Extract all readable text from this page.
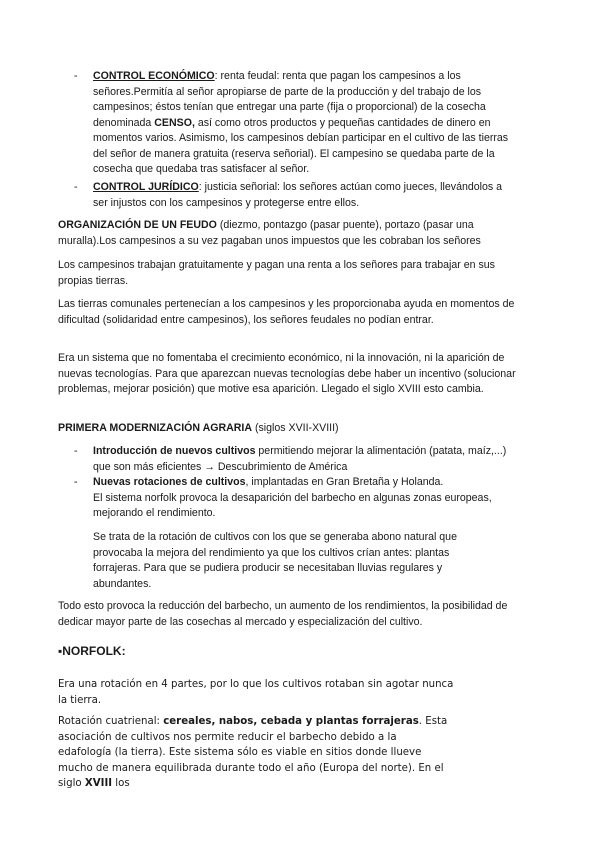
- CONTROL ECONÓMICO: renta feudal: renta que pagan los campesinos a los señores.Permitía al señor apropiarse de parte de la producción y del trabajo de los campesinos; éstos tenían que entregar una parte (fija o proporcional) de la cosecha denominada CENSO, así como otros productos y pequeñas cantidades de dinero en momentos varios. Asimismo, los campesinos debían participar en el cultivo de las tierras del señor de manera gratuita (reserva señorial). El campesino se quedaba parte de la cosecha que quedaba tras satisfacer al señor.

- CONTROL JURÍDICO: justicia señorial: los señores actúan como jueces, llevándolos a ser injustos con los campesinos y protegerse entre ellos.

ORGANIZACIÓN DE UN FEUDO (diezmo, pontazgo (pasar puente), portazo (pasar una muralla).Los campesinos a su vez pagaban unos impuestos que les cobraban los señores

Los campesinos trabajan gratuitamente y pagan una renta a los señores para trabajar en sus propias tierras.

Las tierras comunales pertenecían a los campesinos y les proporcionaba ayuda en momentos de dificultad (solidaridad entre campesinos), los señores feudales no podían entrar.

Era un sistema que no fomentaba el crecimiento económico, ni la innovación, ni la aparición de nuevas tecnologías. Para que aparezcan nuevas tecnologías debe haber un incentivo (solucionar problemas, mejorar posición) que motive esa aparición. Llegado el siglo XVIII esto cambia.

PRIMERA MODERNIZACIÓN AGRARIA (siglos XVII-XVIII)

- Introducción de nuevos cultivos permitiendo mejorar la alimentación (patata, maíz,...) que son más eficientes → Descubrimiento de América

- Nuevas rotaciones de cultivos, implantadas en Gran Bretaña y Holanda.
El sistema norfolk provoca la desaparición del barbecho en algunas zonas europeas, mejorando el rendimiento.

Se trata de la rotación de cultivos con los que se generaba abono natural que provocaba la mejora del rendimiento ya que los cultivos crían antes: plantas forrajeras. Para que se pudiera producir se necesitaban lluvias regulares y abundantes.

Todo esto provoca la reducción del barbecho, un aumento de los rendimientos, la posibilidad de dedicar mayor parte de las cosechas al mercado y especialización del cultivo.

▪NORFOLK:

Era una rotación en 4 partes, por lo que los cultivos rotaban sin agotar nunca la tierra.

Rotación cuatrienal: cereales, nabos, cebada y plantas forrajeras. Esta asociación de cultivos nos permite reducir el barbecho debido a la edafología (la tierra). Este sistema sólo es viable en sitios donde llueve mucho de manera equilibrada durante todo el año (Europa del norte). En el siglo XVIII los
